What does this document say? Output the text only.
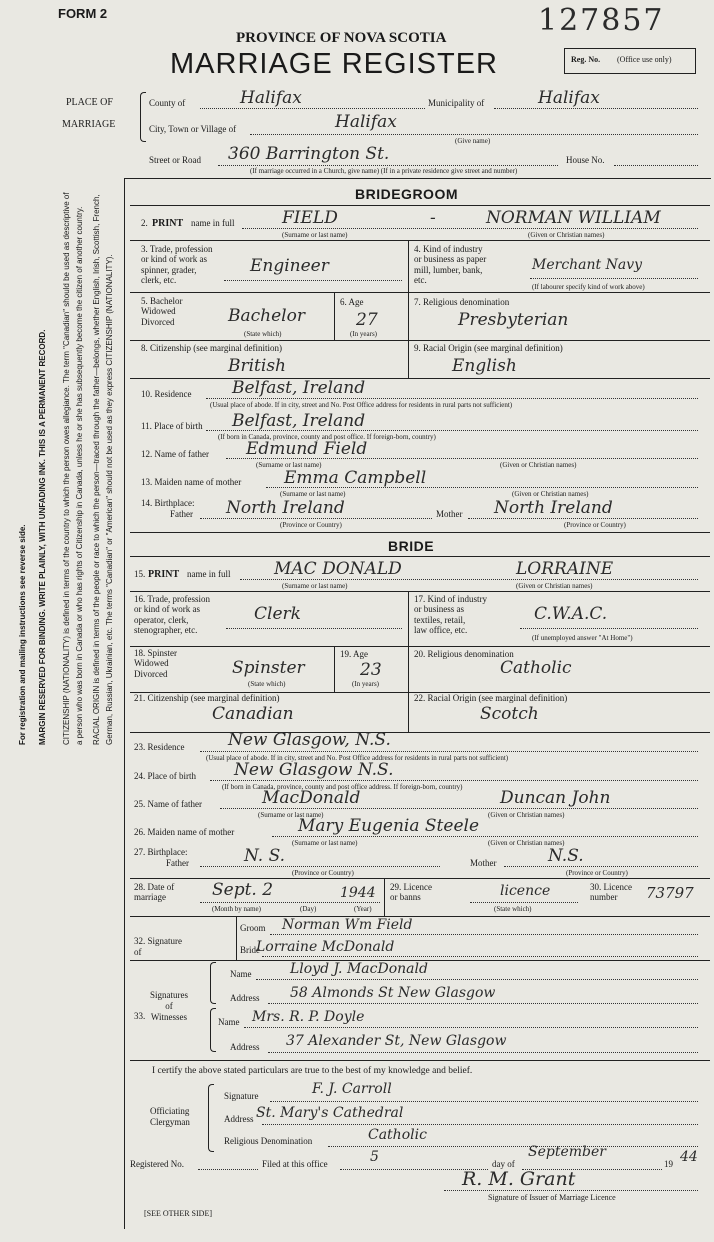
For registration and mailing instructions see reverse side. MARGIN RESERVED FOR BINDING. WRITE PLAINLY, WITH UNFADING INK. THIS IS A PERMANENT RECORD. CITIZENSHIP (NATIONALITY) is defined in terms of the country to which the person owes allegiance. The term "Canadian" should be used as descriptive of a person who was born in Canada or who has rights of Citizenship in Canada, unless he or she has subsequently become the citizen of another country. RACIAL ORIGIN is defined in terms of the people or race to which the person—traced through the father—belongs, whether English, Irish, Scottish, French, German, Russian, Ukrainian, etc. The terms "Canadian" or "American" should not be used as they express CITIZENSHIP (NATIONALITY).
FORM 2	127857
PROVINCE OF NOVA SCOTIA
MARRIAGE REGISTER	Reg. No. (Office use only)
PLACE OF
MARRIAGE
County of	Halifax	Municipality of	Halifax
City, Town or Village of	Halifax
(Give name)
Street or Road 360 Barrington St.	House No.
(If marriage occurred in a Church, give name) (If in a private residence give street and number)
BRIDEGROOM
2. PRINT name in full	FIELD	-	NORMAN WILLIAM
(Surname or last name)	(Given or Christian names)
3. Trade, profession
or kind of work as
spinner, grader,
clerk, etc.
Engineer
4. Kind of industry
or business as paper
mill, lumber, bank,
etc.
Merchant Navy
(If labourer specify kind of work above)
5. Bachelor
Widowed
Divorced	Bachelor
(State which)
6. Age
27
(In years)
7. Religious denomination
Presbyterian
8. Citizenship (see marginal definition)
British
9. Racial Origin (see marginal definition)
English
10. Residence Belfast, Ireland
(Usual place of abode. If in city, street and No. Post Office address for residents in rural parts not sufficient)
11. Place of birth Belfast, Ireland
(If born in Canada, province, county and post office. If foreign-born, country)
12. Name of father Edmund Field
(Surname or last name)	(Given or Christian names)
13. Maiden name of mother	Emma Campbell
(Surname or last name)	(Given or Christian names)
14. Birthplace:
Father North Ireland	Mother North Ireland
(Province or Country)	(Province or Country)
BRIDE
15. PRINT name in full	MAC DONALD	LORRAINE
(Surname or last name)	(Given or Christian names)
16. Trade, profession
or kind of work as
operator, clerk,
stenographer, etc.
Clerk
17. Kind of industry
or business as
textiles, retail,
law office, etc.
C.W.A.C.
(If unemployed answer "At Home")
18. Spinster
Widowed
Divorced	Spinster
(State which)
19. Age
23
(In years)
20. Religious denomination
Catholic
21. Citizenship (see marginal definition)
Canadian
22. Racial Origin (see marginal definition)
Scotch
23. Residence	New Glasgow, N.S.
(Usual place of abode. If in city, street and No. Post Office address for residents in rural parts not sufficient)
24. Place of birth New Glasgow N.S.
(If born in Canada, province, county and post office address. If foreign-born, country)
25. Name of father	MacDonald	Duncan John
(Surname or last name)	(Given or Christian names)
26. Maiden name of mother	Mary Eugenia Steele
(Surname or last name)	(Given or Christian names)
27. Birthplace:
Father	N. S.	Mother	N.S.
(Province or Country)	(Province or Country)
28. Date of
marriage	Sept. 2	1944
(Month by name)	(Day)	(Year)
29. Licence
or banns	licence
(State which)
30. Licence
number	73797
32. Signature
of
Groom Norman Wm Field
Bride
Lorraine McDonald
33.
Signatures
of
Witnesses
Name	Lloyd J. MacDonald
Address 58 Almonds St New Glasgow
Name Mrs. R. P. Doyle
Address 37 Alexander St, New Glasgow
I certify the above stated particulars are true to the best of my knowledge and belief.
Officiating
Clergyman
Signature	F. J. Carroll
Address St. Mary's Cathedral
Religious Denomination	Catholic
Registered No.	Filed at this office	5	day of
September
19 44
R. M. Grant
Signature of Issuer of Marriage Licence
[SEE OTHER SIDE]
